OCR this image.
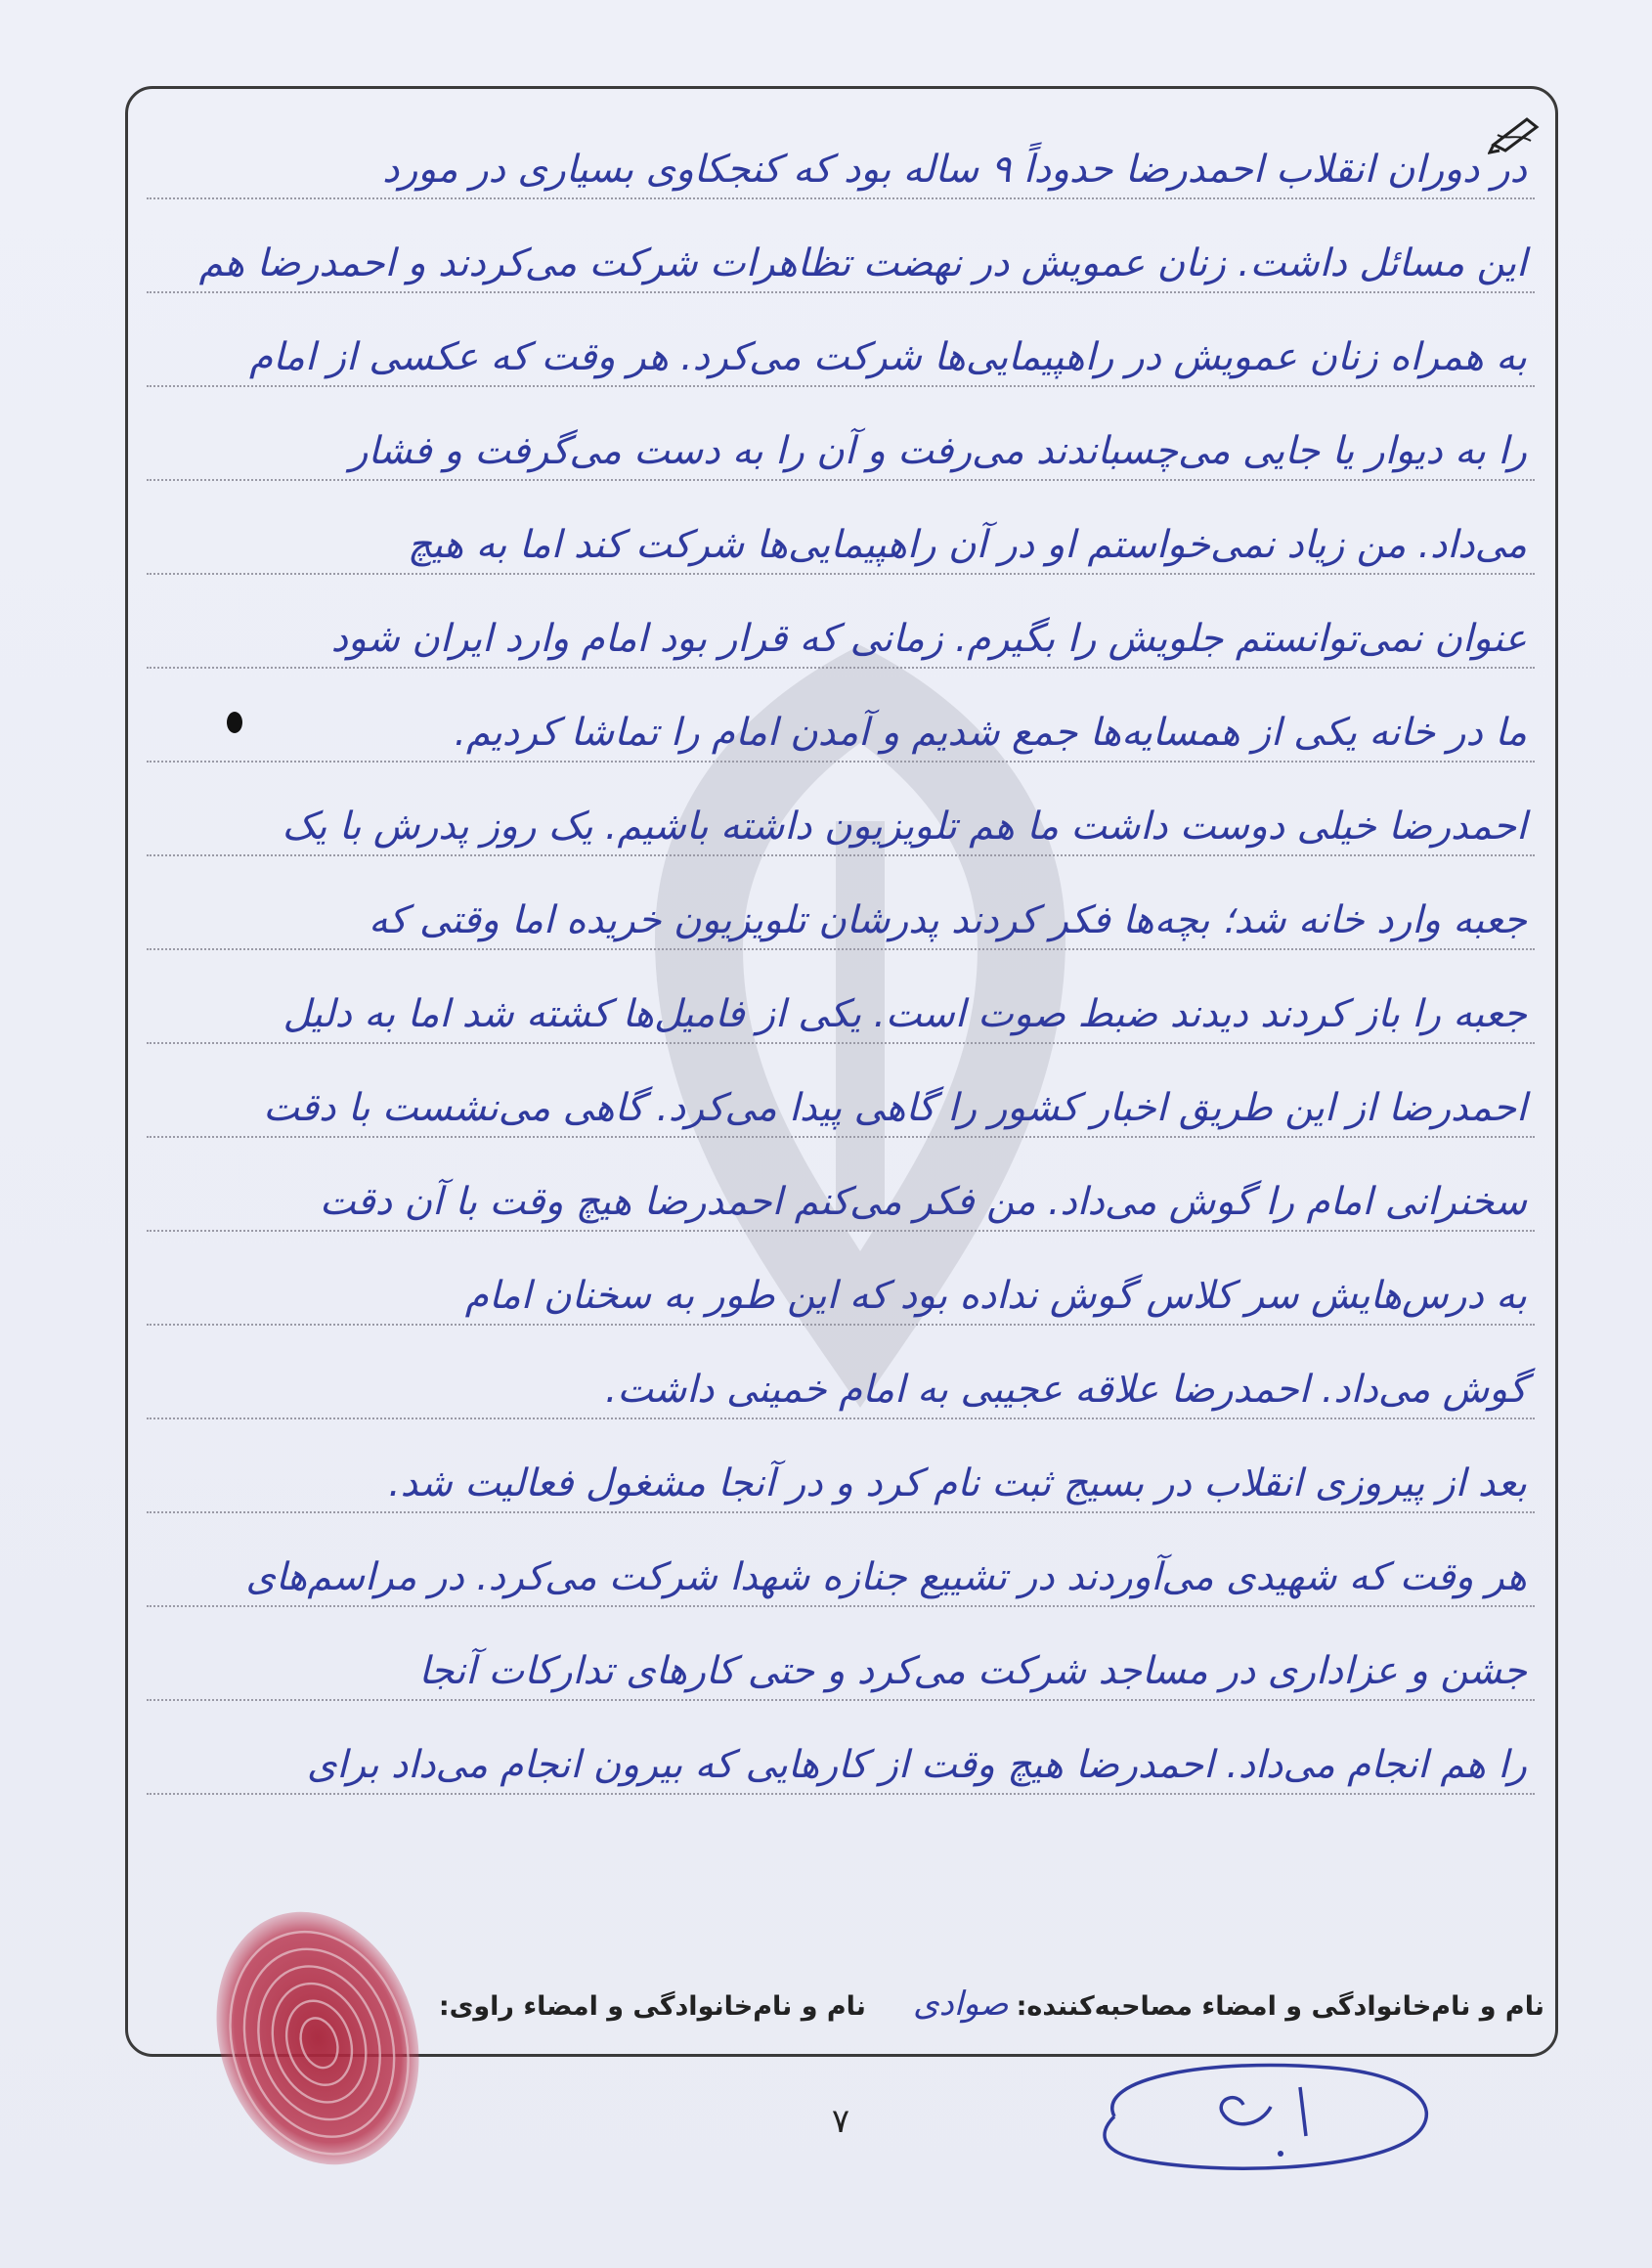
در دوران انقلاب احمدرضا حدوداً ۹ ساله بود که کنجکاوی بسیاری در مورد
این مسائل داشت. زنان عمویش در نهضت تظاهرات شرکت می‌کردند و احمدرضا هم
به همراه زنان عمویش در راهپیمایی‌ها شرکت می‌کرد. هر وقت که عکسی از امام
را به دیوار یا جایی می‌چسباندند می‌رفت و آن را به دست می‌گرفت و فشار
می‌داد. من زیاد نمی‌خواستم او در آن راهپیمایی‌ها شرکت کند اما به هیچ
عنوان نمی‌توانستم جلویش را بگیرم. زمانی که قرار بود امام وارد ایران شود
ما در خانه یکی از همسایه‌ها جمع شدیم و آمدن امام را تماشا کردیم.
احمدرضا خیلی دوست داشت ما هم تلویزیون داشته باشیم. یک روز پدرش با یک
جعبه وارد خانه شد؛ بچه‌ها فکر کردند پدرشان تلویزیون خریده اما وقتی که
جعبه را باز کردند دیدند ضبط صوت است. یکی از فامیل‌ها کشته شد اما به دلیل
احمدرضا از این طریق اخبار کشور را گاهی پیدا می‌کرد. گاهی می‌نشست با دقت
سخنرانی امام را گوش می‌داد. من فکر می‌کنم احمدرضا هیچ وقت با آن دقت
به درس‌هایش سر کلاس گوش نداده بود که این طور به سخنان امام
گوش می‌داد. احمدرضا علاقه عجیبی به امام خمینی داشت.
بعد از پیروزی انقلاب در بسیج ثبت نام کرد و در آنجا مشغول فعالیت شد.
هر وقت که شهیدی می‌آوردند در تشییع جنازه شهدا شرکت می‌کرد. در مراسم‌های
جشن و عزاداری در مساجد شرکت می‌کرد و حتی کارهای تدارکات آنجا
را هم انجام می‌داد. احمدرضا هیچ وقت از کارهایی که بیرون انجام می‌داد برای
نام و نام‌خانوادگی و امضاء مصاحبه‌کننده:صوادی
نام و نام‌خانوادگی و امضاء راوی:
۷
